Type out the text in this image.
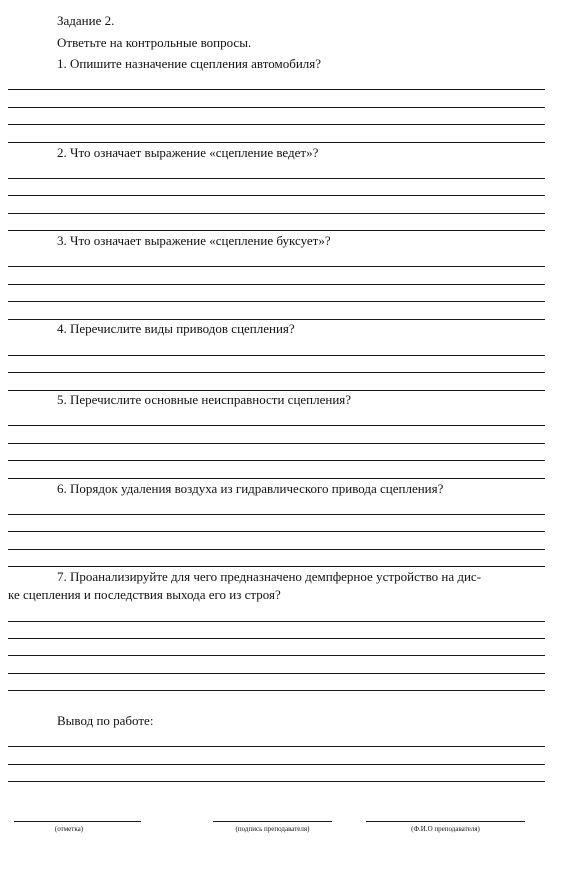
Задание 2.
Ответьте на контрольные вопросы.
1. Опишите назначение сцепления автомобиля?
2. Что означает выражение «сцепление ведет»?
3. Что означает выражение «сцепление буксует»?
4. Перечислите виды приводов сцепления?
5. Перечислите основные неисправности сцепления?
6. Порядок удаления воздуха из гидравлического привода сцепления?
7. Проанализируйте для чего предназначено демпферное устройство на дис-
ке сцепления и последствия выхода его из строя?
Вывод по работе:
(отметка)	(подпись преподавателя)	(Ф.И.О преподавателя)
